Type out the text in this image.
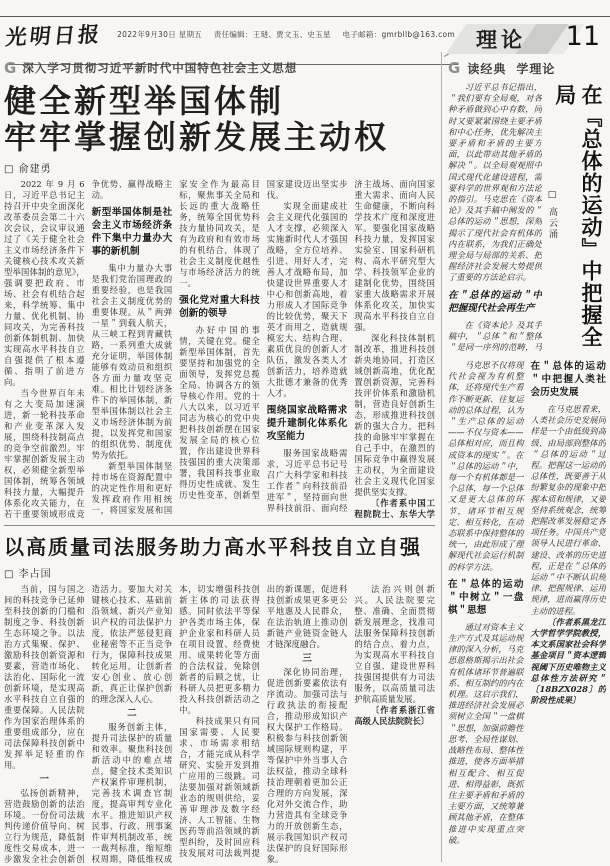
光明日报 2022年9月30日 星期五 责任编辑：王琎、贾文玉、史玉星 电子邮箱：gmrbllb@163.com 理论 11
G 深入学习贯彻习近平新时代中国特色社会主义思想
健全新型举国体制
牢牢掌握创新发展主动权
□ 俞建勇

2022年9月6日，习近平总书记主持召开中央全面深化改革委员会第二十六次会议，会议审议通过了《关于健全社会主义市场经济条件下关键核心技术攻关新型举国体制的意见》，强调要把政府、市场、社会有机结合起来，科学统筹、集中力量、优化机制、协同攻关，为完善科技创新体制机制、加快实现高水平科技自立自强提供了根本遵循、指明了前进方向。

当今世界百年未有之大变局加速演进，新一轮科技革命和产业变革深入发展，围绕科技制高点的竞争空前激烈。牢牢掌握创新发展主动权，必须健全新型举国体制，统筹各领域科技力量，大幅提升体系化攻关能力，在若干重要领域形成竞争优势、赢得战略主动。

新型举国体制是社会主义市场经济条件下集中力量办大事的新机制

集中力量办大事是我们党治国理政的重要经验，也是我国社会主义制度优势的重要体现。从＂两弹一星＂到载人航天，从三峡工程到青藏铁路，一系列重大成就充分证明，举国体制能够有效动员和组织各方面力量攻坚克难。相比计划经济条件下的举国体制，新型举国体制以社会主义市场经济体制为前提，以发挥党和国家的组织优势、制度优势为依托。

新型举国体制坚持市场在资源配置中的决定性作用和更好发挥政府作用相统一，将国家发展和国家安全作为最高目标，聚焦事关全局和长远的重大战略任务，统筹全国优势科技力量协同攻关，是有为政府和有效市场的有机结合，体现了社会主义制度优越性与市场经济活力的统一。

强化党对重大科技创新的领导

办好中国的事情，关键在党。健全新型举国体制，首先要坚持和加强党的全面领导，发挥党总揽全局、协调各方的领导核心作用。党的十八大以来，以习近平同志为核心的党中央把科技创新摆在国家发展全局的核心位置，作出建设世界科技强国的重大决策部署，我国科技事业取得历史性成就、发生历史性变革，创新型国家建设迈出坚实步伐。

实现全面建成社会主义现代化强国的人才支撑，必须深入实施新时代人才强国战略，全方位培养、引进、用好人才，完善人才战略布局，加快建设世界重要人才中心和创新高地，着力形成人才国际竞争的比较优势，聚天下英才而用之，造就规模宏大、结构合理、素质优良的创新人才队伍，激发各类人才创新活力，培养造就大批德才兼备的优秀人才。

围绕国家战略需求提升建制化体系化攻坚能力

服务国家战略需求，习近平总书记号召广大科学家和科技工作者＂向科技前沿进军＂，坚持面向世界科技前沿、面向经济主战场、面向国家重大需求、面向人民生命健康，不断向科学技术广度和深度进军。要强化国家战略科技力量，发挥国家实验室、国家科研机构、高水平研究型大学、科技领军企业的建制化优势，围绕国家重大战略需求开展体系化攻关，加快实现高水平科技自立自强。

深化科技体制机制改革，推进科技创新央地协同，打造区域创新高地，优化配置创新资源，完善科技评价体系和激励机制，营造良好创新生态，形成推进科技创新的强大合力，把科技的命脉牢牢掌握在自己手中，在激烈的国际竞争中赢得发展主动权，为全面建设社会主义现代化国家提供坚实支撑。

〔作者系中国工程院院士、东华大学

以高质量司法服务助力高水平科技自立自强
□ 李占国

当前，国与国之间的科技竞争已延伸至科技创新的门槛和制度之争、科技创新生态环境之争。以法治方式集聚、保护、激励科技创新资源和要素，营造市场化、法治化、国际化一流创新环境，是实现高水平科技自立自强的重要保障。人民法院作为国家治理体系的重要组成部分，应在司法保障科技创新中发挥举足轻重的作用。

一

弘扬创新精神，营造鼓励创新的法治环境。一份份司法裁判传递价值导向、树立行为规范，降低制度性交易成本，进一步激发全社会创新创造活力。要加大对关键核心技术、基础前沿领域、新兴产业知识产权的司法保护力度，依法严惩侵犯商业秘密等不正当竞争行为，保障科技成果转化运用，让创新者安心创业、放心创新，真正让保护创新的理念深入人心。

二

服务创新主体，提升司法保护的质量和效率。聚焦科技创新活动中的难点堵点，健全技术类知识产权案件审理机制，完善技术调查官制度，提高审判专业化水平。推进知识产权民事、行政、刑事案件审判机制改革，统一裁判标准，缩短维权周期，降低维权成本，切实增强科技创新主体的司法获得感。同时依法平等保护各类市场主体，保护企业家和科研人员在项目设置、经费使用、成果转化等方面的合法权益，免除创新者的后顾之忧，让科研人员把更多精力投入科技创新活动之中。

科技成果只有同国家需要、人民要求、市场需求相结合，才能完成从科学研究、实验开发到推广应用的三级跳。司法要加强对新领域新业态的规则供给，妥善审理涉及数字经济、人工智能、生物医药等前沿领域的新型纠纷，及时回应科技发展对司法裁判提出的新课题，促进科技创新成果更多更公平地惠及人民群众，在法治轨道上推动创新链产业链资金链人才链深度融合。

三

深化协同治理，促进创新要素依法有序流动。加强司法与行政执法的衔接配合，推动形成知识产权大保护工作格局。积极参与科技创新领域国际规则构建，平等保护中外当事人合法权益，推动全球科技治理朝着更加公正合理的方向发展，深化对外交流合作，助力营造具有全球竞争力的开放创新生态，展示我国知识产权司法保护的良好国际形象。

法治兴则创新兴。人民法院要完整、准确、全面贯彻新发展理念，找准司法服务保障科技创新的结合点、着力点，为实现高水平科技自立自强、建设世界科技强国提供有力司法服务，以高质量司法护航高质量发展。

〔作者系浙江省高级人民法院院长〕

G 读经典 学理论

习近平总书记指出，＂我们要有全局观，对各种矛盾做到心中有数，同时又要紧紧围绕主要矛盾和中心任务，优先解决主要矛盾和矛盾的主要方面，以此带动其他矛盾的解决＂。以全局观观照中国式现代化建设进程，需要科学的世界观和方法论的指引。马克思在《资本论》及其手稿中阐发的＂总体的运动＂思想，深刻揭示了现代社会有机体的内在联系，为我们正确处理全局与局部的关系、把握经济社会发展大势提供了重要的方法论启示。

在＂总体的运动＂中把握现代社会再生产

在《资本论》及其手稿中，＂总体＂和＂整体＂是同一序列的范畴，马

□ 高云涌	在『总体的运动』中把握全局

马克思不仅将现代社会视为有机整体，还将现代生产看作不断更新、往复运动的总体过程，认为＂生产总体的运动——不仅与资本——总体相对应，而且构成资本的现实＂。在＂总体的运动＂中，每一个有机体都是一个总体，每一个总体又是更大总体的环节，诸环节相互规定、相互转化，在动态联系中保持整体的统一，由此形成了理解现代社会运行机制的科学方法。

在＂总体的运动＂中树立＂一盘棋＂思想

通过对资本主义生产方式及其运动规律的深入分析，马克思恩格斯揭示出社会有机体诸环节普遍联系、相互制约的内在机理。这启示我们，推进经济社会发展必须树立全国＂一盘棋＂思想，加强前瞻性思考、全局性谋划、战略性布局、整体性推进，使各方面举措相互配合、相互促进、相得益彰，既抓住主要矛盾和矛盾的主要方面，又统筹兼顾其他矛盾，在整体推进中实现重点突破。

在＂总体的运动＂中把握人类社会历史发展

在马克思看来，人类社会历史发展同样是一个由低级到高级、由局部到整体的＂总体的运动＂过程。把握这一运动的总体性，既要善于从纷繁复杂的现象中把握本质和规律，又要坚持系统观念，统筹把握改革发展稳定各项任务。中国共产党领导人民进行革命、建设、改革的历史进程，正是在＂总体的运动＂中不断认识规律、把握规律、运用规律，进而赢得历史主动的进程。

〔作者系黑龙江大学哲学学院教授，本文系国家社会科学基金项目＂资本逻辑视阈下历史唯物主义总体性方法研究＂〔18BZX028〕的阶段性成果〕
